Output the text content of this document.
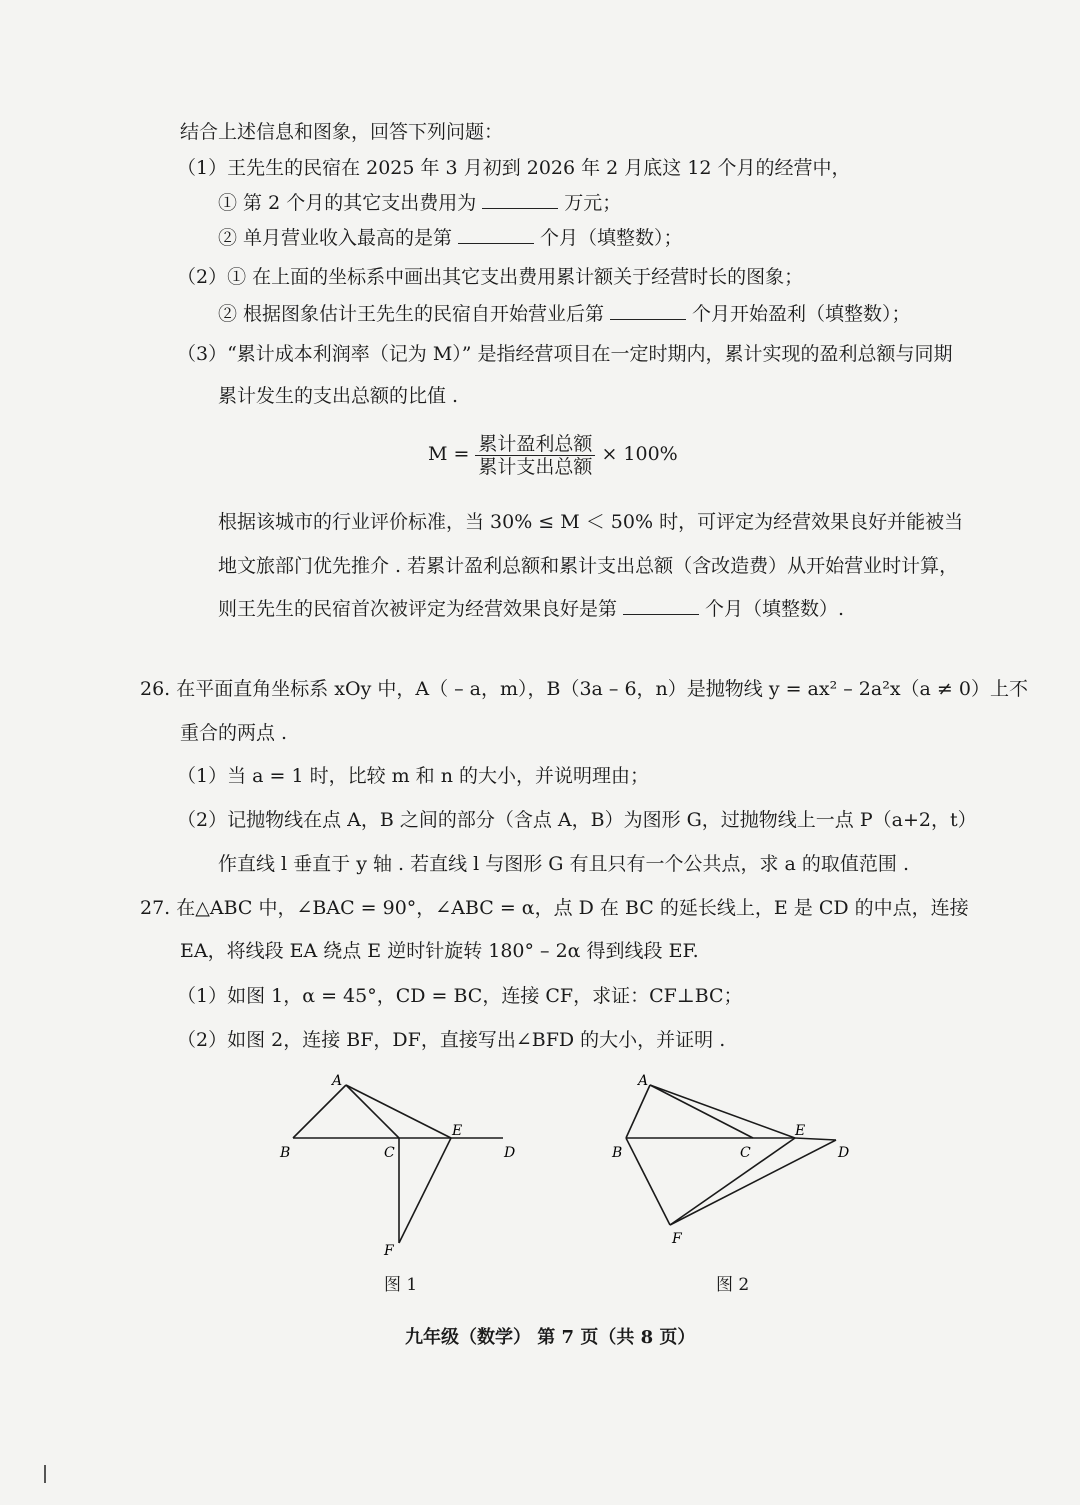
结合上述信息和图象，回答下列问题：
（1）王先生的民宿在 2025 年 3 月初到 2026 年 2 月底这 12 个月的经营中，
① 第 2 个月的其它支出费用为	万元；
② 单月营业收入最高的是第	个月（填整数）；
（2）① 在上面的坐标系中画出其它支出费用累计额关于经营时长的图象；
② 根据图象估计王先生的民宿自开始营业后第	个月开始盈利（填整数）；
（3）“累计成本利润率（记为 M）” 是指经营项目在一定时期内，累计实现的盈利总额与同期
累计发生的支出总额的比值 .
$M = \frac{\text{累计盈利总额}}{\text{累计支出总额}} \times 100\%$
根据该城市的行业评价标准，当 30% ≤ M ＜ 50% 时，可评定为经营效果良好并能被当
地文旅部门优先推介 . 若累计盈利总额和累计支出总额（含改造费）从开始营业时计算，
则王先生的民宿首次被评定为经营效果良好是第	个月（填整数）.
26. 在平面直角坐标系 xOy 中，A（ – a，m），B（3a – 6，n）是抛物线 y = ax² – 2a²x（a ≠ 0）上不
重合的两点 .
（1）当 a = 1 时，比较 m 和 n 的大小，并说明理由；
（2）记抛物线在点 A，B 之间的部分（含点 A，B）为图形 G，过抛物线上一点 P（a+2，t）
作直线 l 垂直于 y 轴 . 若直线 l 与图形 G 有且只有一个公共点，求 a 的取值范围 .
27. 在△ABC 中，∠BAC = 90°，∠ABC = α，点 D 在 BC 的延长线上，E 是 CD 的中点，连接
EA，将线段 EA 绕点 E 逆时针旋转 180° – 2α 得到线段 EF.
（1）如图 1，α = 45°，CD = BC，连接 CF，求证：CF⊥BC；
（2）如图 2，连接 BF，DF，直接写出∠BFD 的大小，并证明 .
A
B	C
E
D
F
图 1
A
B	C
E
D
F
图 2
九年级（数学） 第 7 页（共 8 页）
